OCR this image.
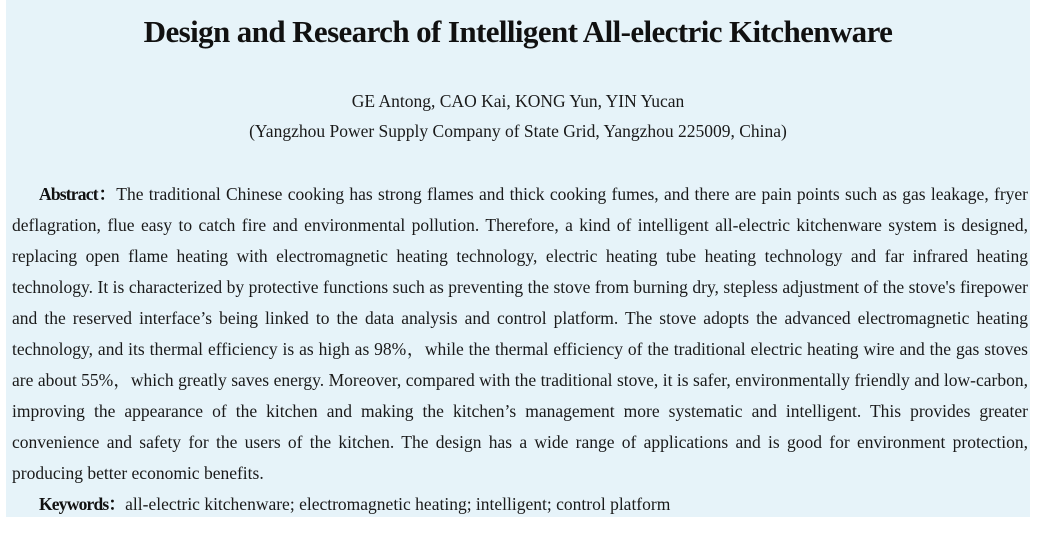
Design and Research of Intelligent All-electric Kitchenware
GE Antong, CAO Kai, KONG Yun, YIN Yucan
(Yangzhou Power Supply Company of State Grid, Yangzhou 225009, China)

Abstract：The traditional Chinese cooking has strong flames and thick cooking fumes, and there are pain points such as gas leakage, fryer deflagration, flue easy to catch fire and environmental pollution. Therefore, a kind of intelligent all-electric kitchenware system is designed, replacing open flame heating with electromagnetic heating technology, electric heating tube heating technology and far infrared heating technology. It is characterized by protective functions such as preventing the stove from burning dry, stepless adjustment of the stove's firepower and the reserved interface’s being linked to the data analysis and control platform. The stove adopts the advanced electromagnetic heating technology, and its thermal efficiency is as high as 98%，while the thermal efficiency of the traditional electric heating wire and the gas stoves are about 55%，which greatly saves energy. Moreover, compared with the traditional stove, it is safer, environmentally friendly and low-carbon, improving the appearance of the kitchen and making the kitchen’s management more systematic and intelligent. This provides greater convenience and safety for the users of the kitchen. The design has a wide range of applications and is good for environment protection, producing better economic benefits.

Keywords：all-electric kitchenware; electromagnetic heating; intelligent; control platform
